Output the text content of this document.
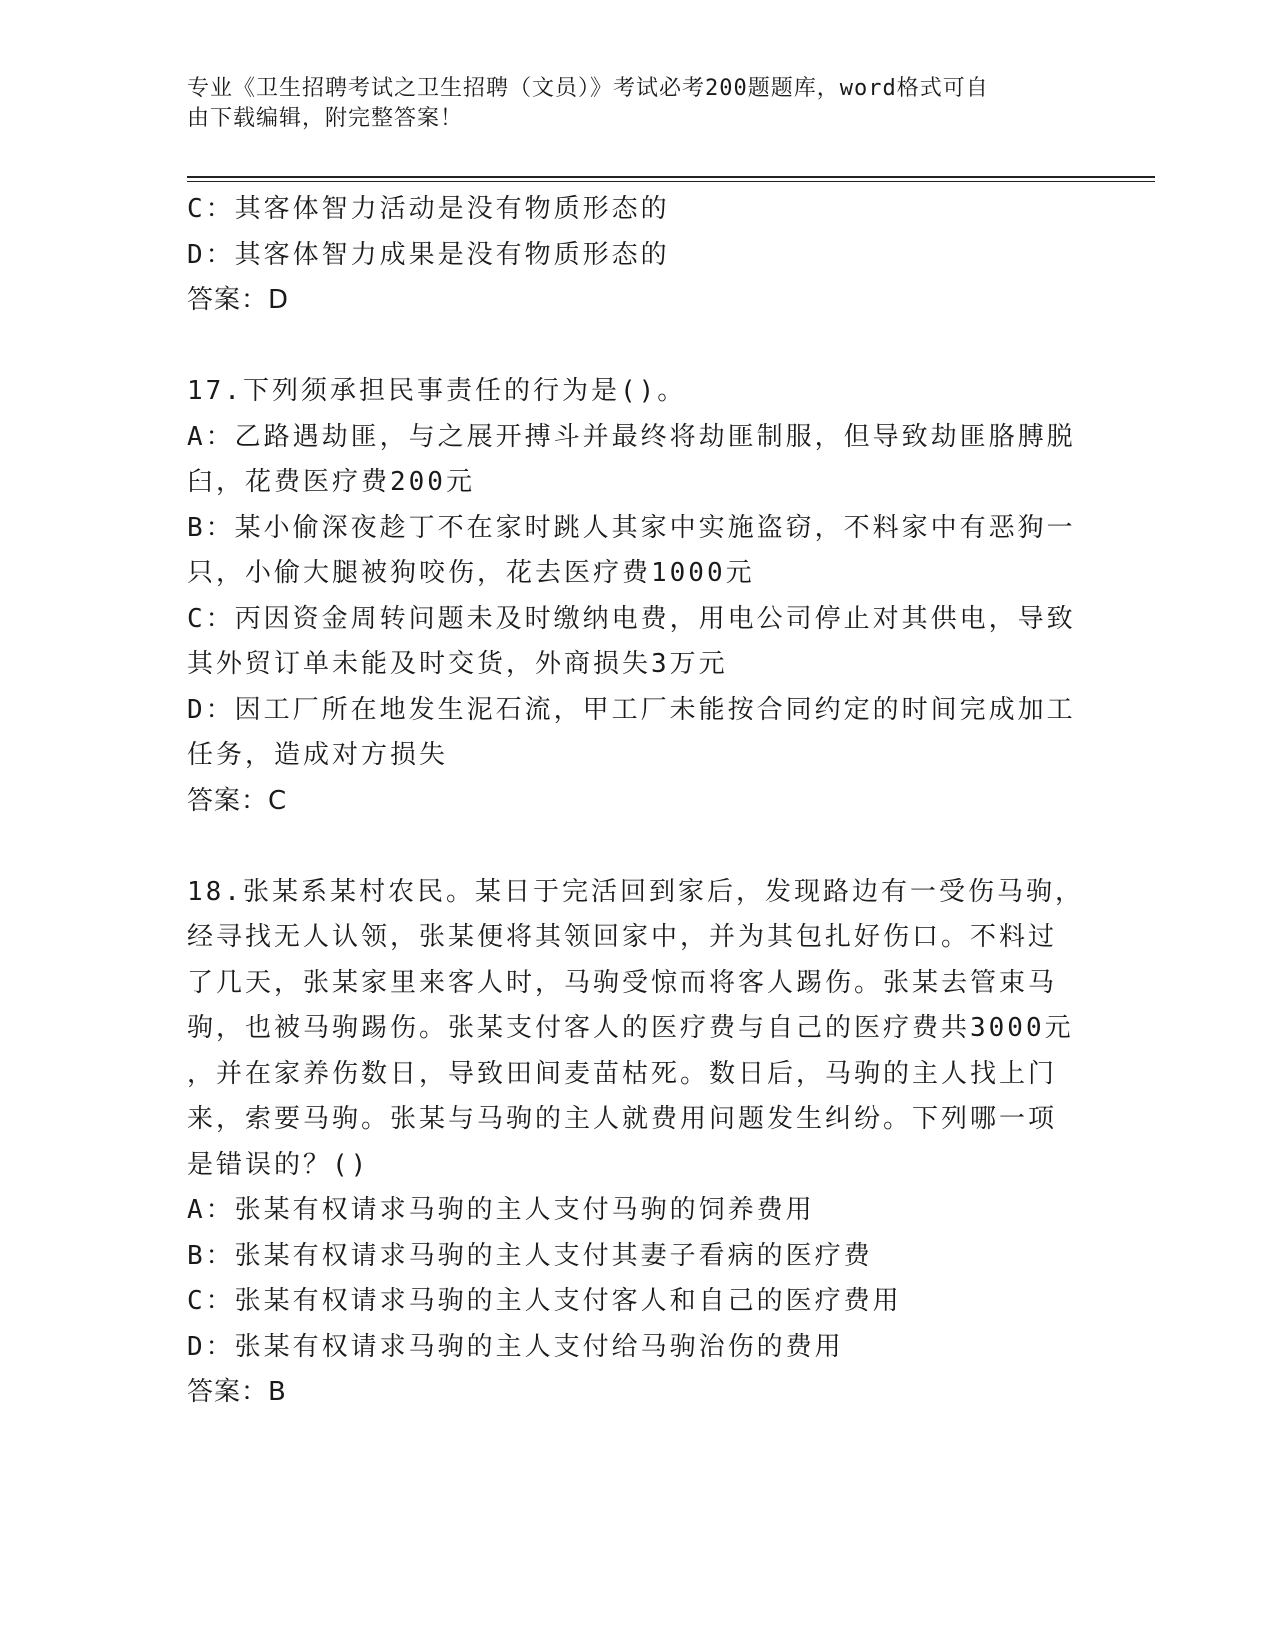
专业《卫生招聘考试之卫生招聘（文员）》考试必考200题题库，word格式可自
由下载编辑，附完整答案！
C：其客体智力活动是没有物质形态的
D：其客体智力成果是没有物质形态的
答案：D
17.下列须承担民事责任的行为是()。
A：乙路遇劫匪，与之展开搏斗并最终将劫匪制服，但导致劫匪胳膊脱
臼，花费医疗费200元
B：某小偷深夜趁丁不在家时跳人其家中实施盗窃，不料家中有恶狗一
只，小偷大腿被狗咬伤，花去医疗费1000元
C：丙因资金周转问题未及时缴纳电费，用电公司停止对其供电，导致
其外贸订单未能及时交货，外商损失3万元
D：因工厂所在地发生泥石流，甲工厂未能按合同约定的时间完成加工
任务，造成对方损失
答案：C
18.张某系某村农民。某日于完活回到家后，发现路边有一受伤马驹，
经寻找无人认领，张某便将其领回家中，并为其包扎好伤口。不料过
了几天，张某家里来客人时，马驹受惊而将客人踢伤。张某去管束马
驹，也被马驹踢伤。张某支付客人的医疗费与自己的医疗费共3000元
，并在家养伤数日，导致田间麦苗枯死。数日后，马驹的主人找上门
来，索要马驹。张某与马驹的主人就费用问题发生纠纷。下列哪一项
是错误的？()
A：张某有权请求马驹的主人支付马驹的饲养费用
B：张某有权请求马驹的主人支付其妻子看病的医疗费
C：张某有权请求马驹的主人支付客人和自己的医疗费用
D：张某有权请求马驹的主人支付给马驹治伤的费用
答案：B
